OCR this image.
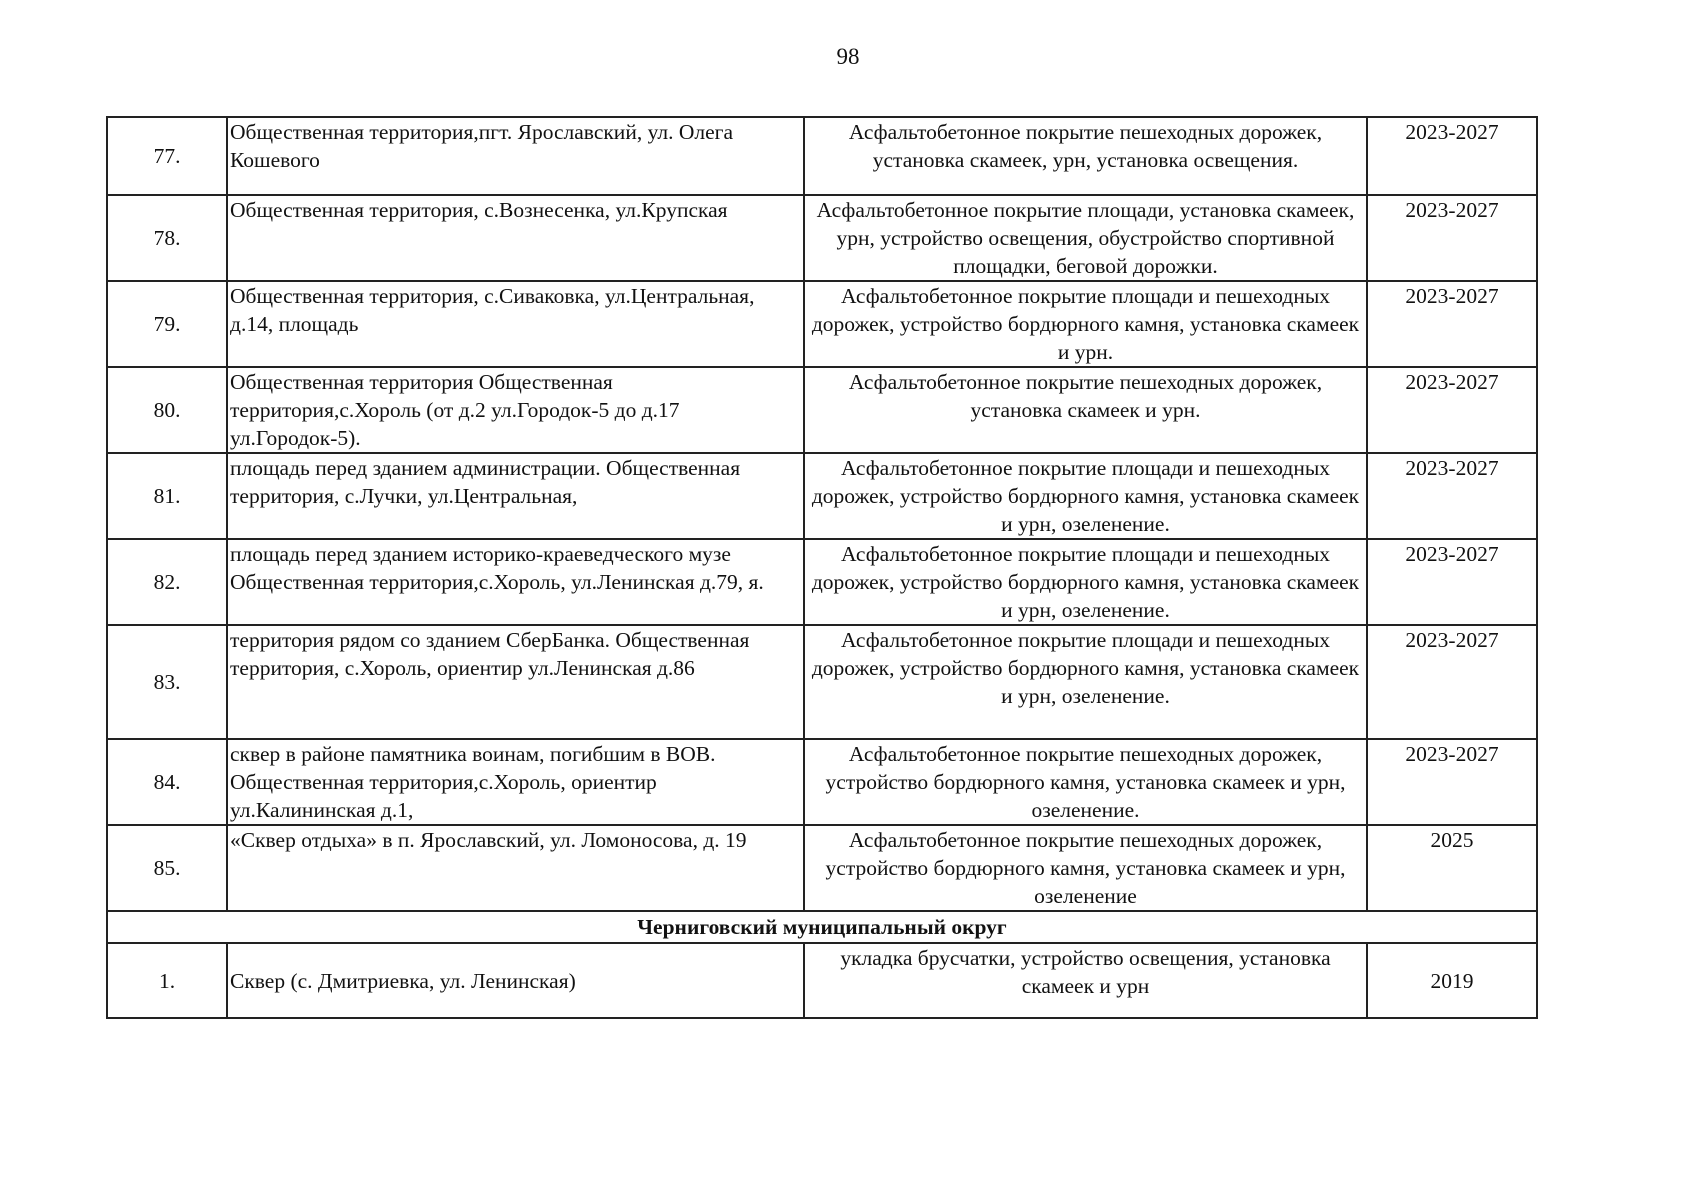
98
77.	Общественная территория,пгт. Ярославский, ул. Олега Кошевого	Асфальтобетонное покрытие пешеходных дорожек, установка скамеек, урн, установка освещения.	2023-2027
78.	Общественная территория, с.Вознесенка, ул.Крупская	Асфальтобетонное покрытие площади, установка скамеек, урн, устройство освещения, обустройство спортивной площадки, беговой дорожки.	2023-2027
79.	Общественная территория, с.Сиваковка, ул.Центральная, д.14, площадь	Асфальтобетонное покрытие площади и пешеходных дорожек, устройство бордюрного камня, установка скамеек и урн.	2023-2027
80.	Общественная территория Общественная территория,с.Хороль (от д.2 ул.Городок-5 до д.17 ул.Городок-5).	Асфальтобетонное покрытие пешеходных дорожек, установка скамеек и урн.	2023-2027
81.	площадь перед зданием администрации. Общественная территория, с.Лучки, ул.Центральная,	Асфальтобетонное покрытие площади и пешеходных дорожек, устройство бордюрного камня, установка скамеек и урн, озеленение.	2023-2027
82.	площадь перед зданием историко-краеведческого музе Общественная территория,с.Хороль, ул.Ленинская д.79, я.	Асфальтобетонное покрытие площади и пешеходных дорожек, устройство бордюрного камня, установка скамеек и урн, озеленение.	2023-2027
83.	территория рядом со зданием СберБанка. Общественная территория, с.Хороль, ориентир ул.Ленинская д.86	Асфальтобетонное покрытие площади и пешеходных дорожек, устройство бордюрного камня, установка скамеек и урн, озеленение.	2023-2027
84.	сквер в районе памятника воинам, погибшим в ВОВ. Общественная территория,с.Хороль, ориентир ул.Калининская д.1,	Асфальтобетонное покрытие пешеходных дорожек, устройство бордюрного камня, установка скамеек и урн, озеленение.	2023-2027
85.	«Сквер отдыха» в п. Ярославский, ул. Ломоносова, д. 19	Асфальтобетонное покрытие пешеходных дорожек, устройство бордюрного камня, установка скамеек и урн, озеленение	2025
Черниговский муниципальный округ			
1.	Сквер (с. Дмитриевка, ул. Ленинская)	укладка брусчатки, устройство освещения, установка скамеек и урн	2019
